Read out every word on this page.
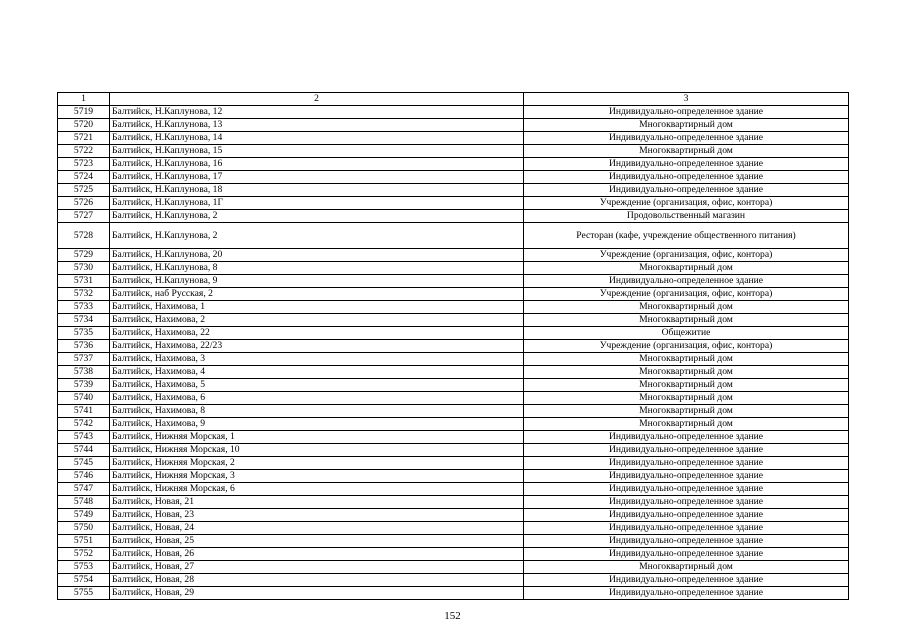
1	2	3
5719	Балтийск, Н.Каплунова, 12	Индивидуально-определенное здание
5720	Балтийск, Н.Каплунова, 13	Многоквартирный дом
5721	Балтийск, Н.Каплунова, 14	Индивидуально-определенное здание
5722	Балтийск, Н.Каплунова, 15	Многоквартирный дом
5723	Балтийск, Н.Каплунова, 16	Индивидуально-определенное здание
5724	Балтийск, Н.Каплунова, 17	Индивидуально-определенное здание
5725	Балтийск, Н.Каплунова, 18	Индивидуально-определенное здание
5726	Балтийск, Н.Каплунова, 1Г	Учреждение (организация, офис, контора)
5727	Балтийск, Н.Каплунова, 2	Продовольственный магазин
5728	Балтийск, Н.Каплунова, 2	Ресторан (кафе, учреждение общественного питания)
5729	Балтийск, Н.Каплунова, 20	Учреждение (организация, офис, контора)
5730	Балтийск, Н.Каплунова, 8	Многоквартирный дом
5731	Балтийск, Н.Каплунова, 9	Индивидуально-определенное здание
5732	Балтийск, наб Русская, 2	Учреждение (организация, офис, контора)
5733	Балтийск, Нахимова, 1	Многоквартирный дом
5734	Балтийск, Нахимова, 2	Многоквартирный дом
5735	Балтийск, Нахимова, 22	Общежитие
5736	Балтийск, Нахимова, 22/23	Учреждение (организация, офис, контора)
5737	Балтийск, Нахимова, 3	Многоквартирный дом
5738	Балтийск, Нахимова, 4	Многоквартирный дом
5739	Балтийск, Нахимова, 5	Многоквартирный дом
5740	Балтийск, Нахимова, 6	Многоквартирный дом
5741	Балтийск, Нахимова, 8	Многоквартирный дом
5742	Балтийск, Нахимова, 9	Многоквартирный дом
5743	Балтийск, Нижняя Морская, 1	Индивидуально-определенное здание
5744	Балтийск, Нижняя Морская, 10	Индивидуально-определенное здание
5745	Балтийск, Нижняя Морская, 2	Индивидуально-определенное здание
5746	Балтийск, Нижняя Морская, 3	Индивидуально-определенное здание
5747	Балтийск, Нижняя Морская, 6	Индивидуально-определенное здание
5748	Балтийск, Новая, 21	Индивидуально-определенное здание
5749	Балтийск, Новая, 23	Индивидуально-определенное здание
5750	Балтийск, Новая, 24	Индивидуально-определенное здание
5751	Балтийск, Новая, 25	Индивидуально-определенное здание
5752	Балтийск, Новая, 26	Индивидуально-определенное здание
5753	Балтийск, Новая, 27	Многоквартирный дом
5754	Балтийск, Новая, 28	Индивидуально-определенное здание
5755	Балтийск, Новая, 29	Индивидуально-определенное здание
152
